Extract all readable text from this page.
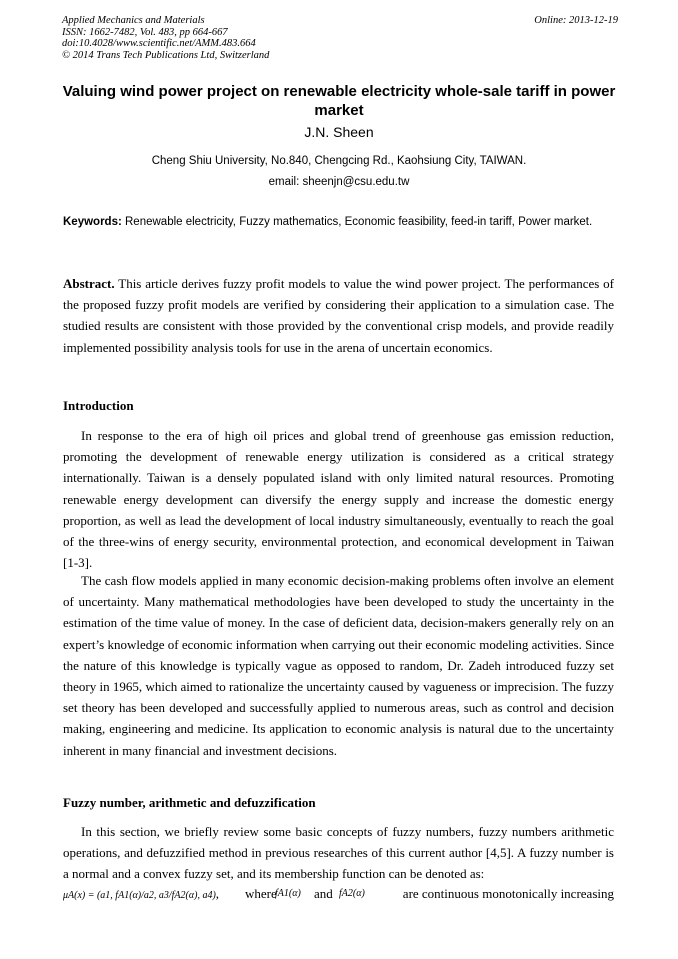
Applied Mechanics and Materials
ISSN: 1662-7482, Vol. 483, pp 664-667
doi:10.4028/www.scientific.net/AMM.483.664
© 2014 Trans Tech Publications Ltd, Switzerland
Online: 2013-12-19
Valuing wind power project on renewable electricity whole-sale tariff in power market
J.N. Sheen
Cheng Shiu University, No.840, Chengcing Rd., Kaohsiung City, TAIWAN.
email: sheenjn@csu.edu.tw
Keywords: Renewable electricity, Fuzzy mathematics, Economic feasibility, feed-in tariff, Power market.
Abstract. This article derives fuzzy profit models to value the wind power project. The performances of the proposed fuzzy profit models are verified by considering their application to a simulation case. The studied results are consistent with those provided by the conventional crisp models, and provide readily implemented possibility analysis tools for use in the arena of uncertain economics.
Introduction
In response to the era of high oil prices and global trend of greenhouse gas emission reduction, promoting the development of renewable energy utilization is considered as a critical strategy internationally. Taiwan is a densely populated island with only limited natural resources. Promoting renewable energy development can diversify the energy supply and increase the domestic energy proportion, as well as lead the development of local industry simultaneously, eventually to reach the goal of the three-wins of energy security, environmental protection, and economical development in Taiwan [1-3].
The cash flow models applied in many economic decision-making problems often involve an element of uncertainty. Many mathematical methodologies have been developed to study the uncertainty in the estimation of the time value of money. In the case of deficient data, decision-makers generally rely on an expert’s knowledge of economic information when carrying out their economic modeling activities. Since the nature of this knowledge is typically vague as opposed to random, Dr. Zadeh introduced fuzzy set theory in 1965, which aimed to rationalize the uncertainty caused by vagueness or imprecision. The fuzzy set theory has been developed and successfully applied to numerous areas, such as control and decision making, engineering and medicine. Its application to economic analysis is natural due to the uncertainty inherent in many financial and investment decisions.
Fuzzy number, arithmetic and defuzzification
In this section, we briefly review some basic concepts of fuzzy numbers, fuzzy numbers arithmetic operations, and defuzzified method in previous researches of this current author [4,5]. A fuzzy number is a normal and a convex fuzzy set, and its membership function can be denoted as:
μA(x) = (a1, fA1(α)/a2, a3/fA2(α), a4), where
fA1(α) and fA2(α)	are continuous monotonically increasing
